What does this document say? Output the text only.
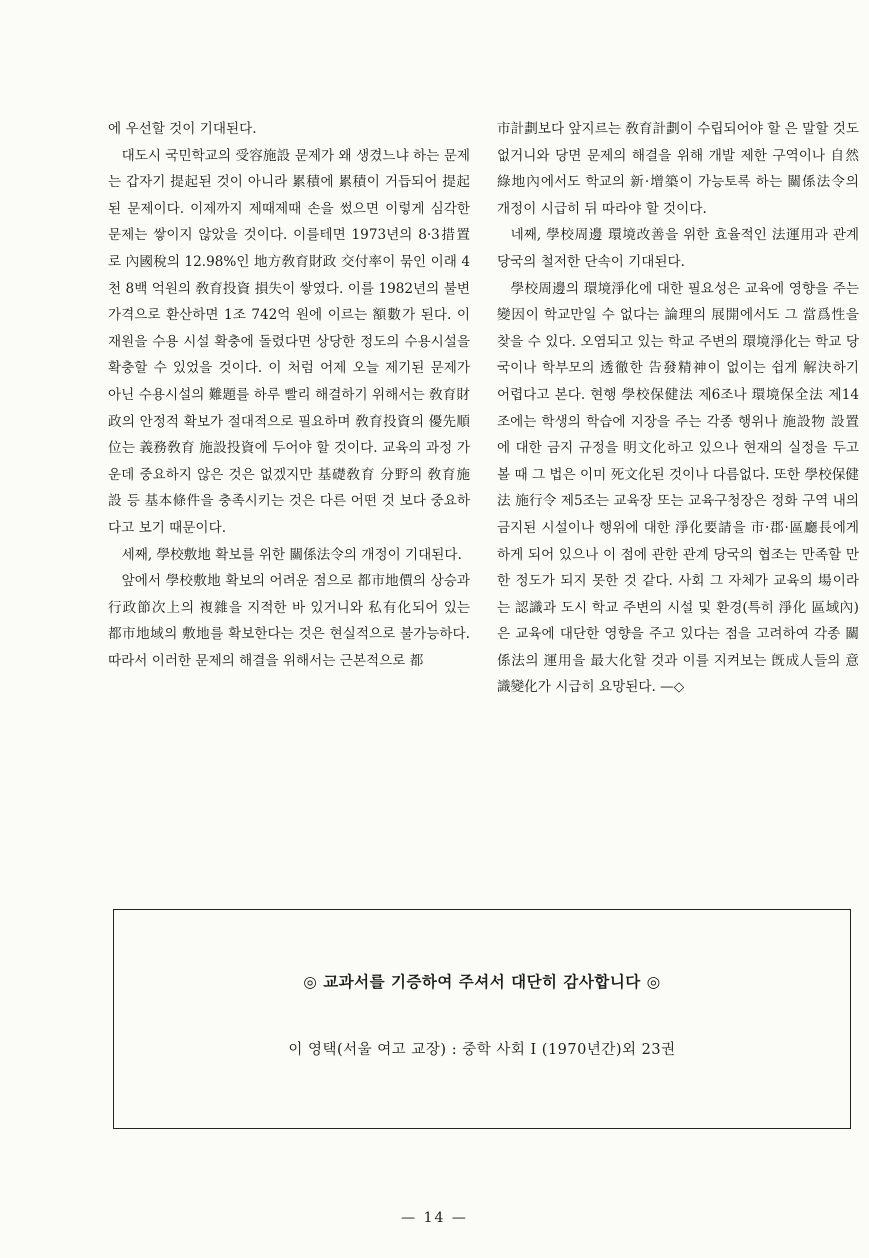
에 우선할 것이 기대된다.

대도시 국민학교의 受容施設 문제가 왜 생겼느냐 하는 문제는 갑자기 提起된 것이 아니라 累積에 累積이 거듭되어 提起된 문제이다. 이제까지 제때제때 손을 썼으면 이렇게 심각한 문제는 쌓이지 않았을 것이다. 이를테면 1973년의 8·3措置로 內國稅의 12.98%인 地方敎育財政 交付率이 묶인 이래 4천 8백 억원의 敎育投資 損失이 쌓였다. 이를 1982년의 불변 가격으로 환산하면 1조 742억 원에 이르는 額數가 된다. 이 재원을 수용 시설 확충에 돌렸다면 상당한 정도의 수용시설을 확충할 수 있었을 것이다. 이 처럼 어제 오늘 제기된 문제가 아닌 수용시설의 難題를 하루 빨리 해결하기 위해서는 敎育財政의 안정적 확보가 절대적으로 필요하며 敎育投資의 優先順位는 義務敎育 施設投資에 두어야 할 것이다. 교육의 과정 가운데 중요하지 않은 것은 없겠지만 基礎敎育 分野의 敎育施設 등 基本條件을 충족시키는 것은 다른 어떤 것 보다 중요하다고 보기 때문이다.

세째, 學校敷地 확보를 위한 關係法令의 개정이 기대된다.

앞에서 學校敷地 확보의 어려운 점으로 都市地價의 상승과 行政節次上의 複雜을 지적한 바 있거니와 私有化되어 있는 都市地域의 敷地를 확보한다는 것은 현실적으로 불가능하다. 따라서 이러한 문제의 해결을 위해서는 근본적으로 都

市計劃보다 앞지르는 敎育計劃이 수립되어야 할 은 말할 것도 없거니와 당면 문제의 해결을 위해 개발 제한 구역이나 自然綠地內에서도 학교의 新·增築이 가능토록 하는 關係法令의 개정이 시급히 뒤 따라야 할 것이다.

네째, 學校周邊 環境改善을 위한 효율적인 法運用과 관계 당국의 철저한 단속이 기대된다.

學校周邊의 環境淨化에 대한 필요성은 교육에 영향을 주는 變因이 학교만일 수 없다는 論理의 展開에서도 그 當爲性을 찾을 수 있다. 오염되고 있는 학교 주변의 環境淨化는 학교 당국이나 학부모의 透徹한 告發精神이 없이는 쉽게 解決하기 어렵다고 본다. 현행 學校保健法 제6조나 環境保全法 제14조에는 학생의 학습에 지장을 주는 각종 행위나 施設物 設置에 대한 금지 규정을 明文化하고 있으나 현재의 실정을 두고 볼 때 그 법은 이미 死文化된 것이나 다름없다. 또한 學校保健法 施行令 제5조는 교육장 또는 교육구청장은 정화 구역 내의 금지된 시설이나 행위에 대한 淨化要請을 市·郡·區廳長에게 하게 되어 있으나 이 점에 관한 관계 당국의 협조는 만족할 만한 정도가 되지 못한 것 같다. 사회 그 자체가 교육의 場이라는 認識과 도시 학교 주변의 시설 및 환경(특히 淨化 區域內)은 교육에 대단한 영향을 주고 있다는 점을 고려하여 각종 關係法의 運用을 最大化할 것과 이를 지켜보는 旣成人들의 意識變化가 시급히 요망된다. —◇

◎ 교과서를 기증하여 주셔서 대단히 감사합니다 ◎
이 영택(서울 여고 교장) : 중학 사회 Ⅰ (1970년간)외 23권
— 14 —
